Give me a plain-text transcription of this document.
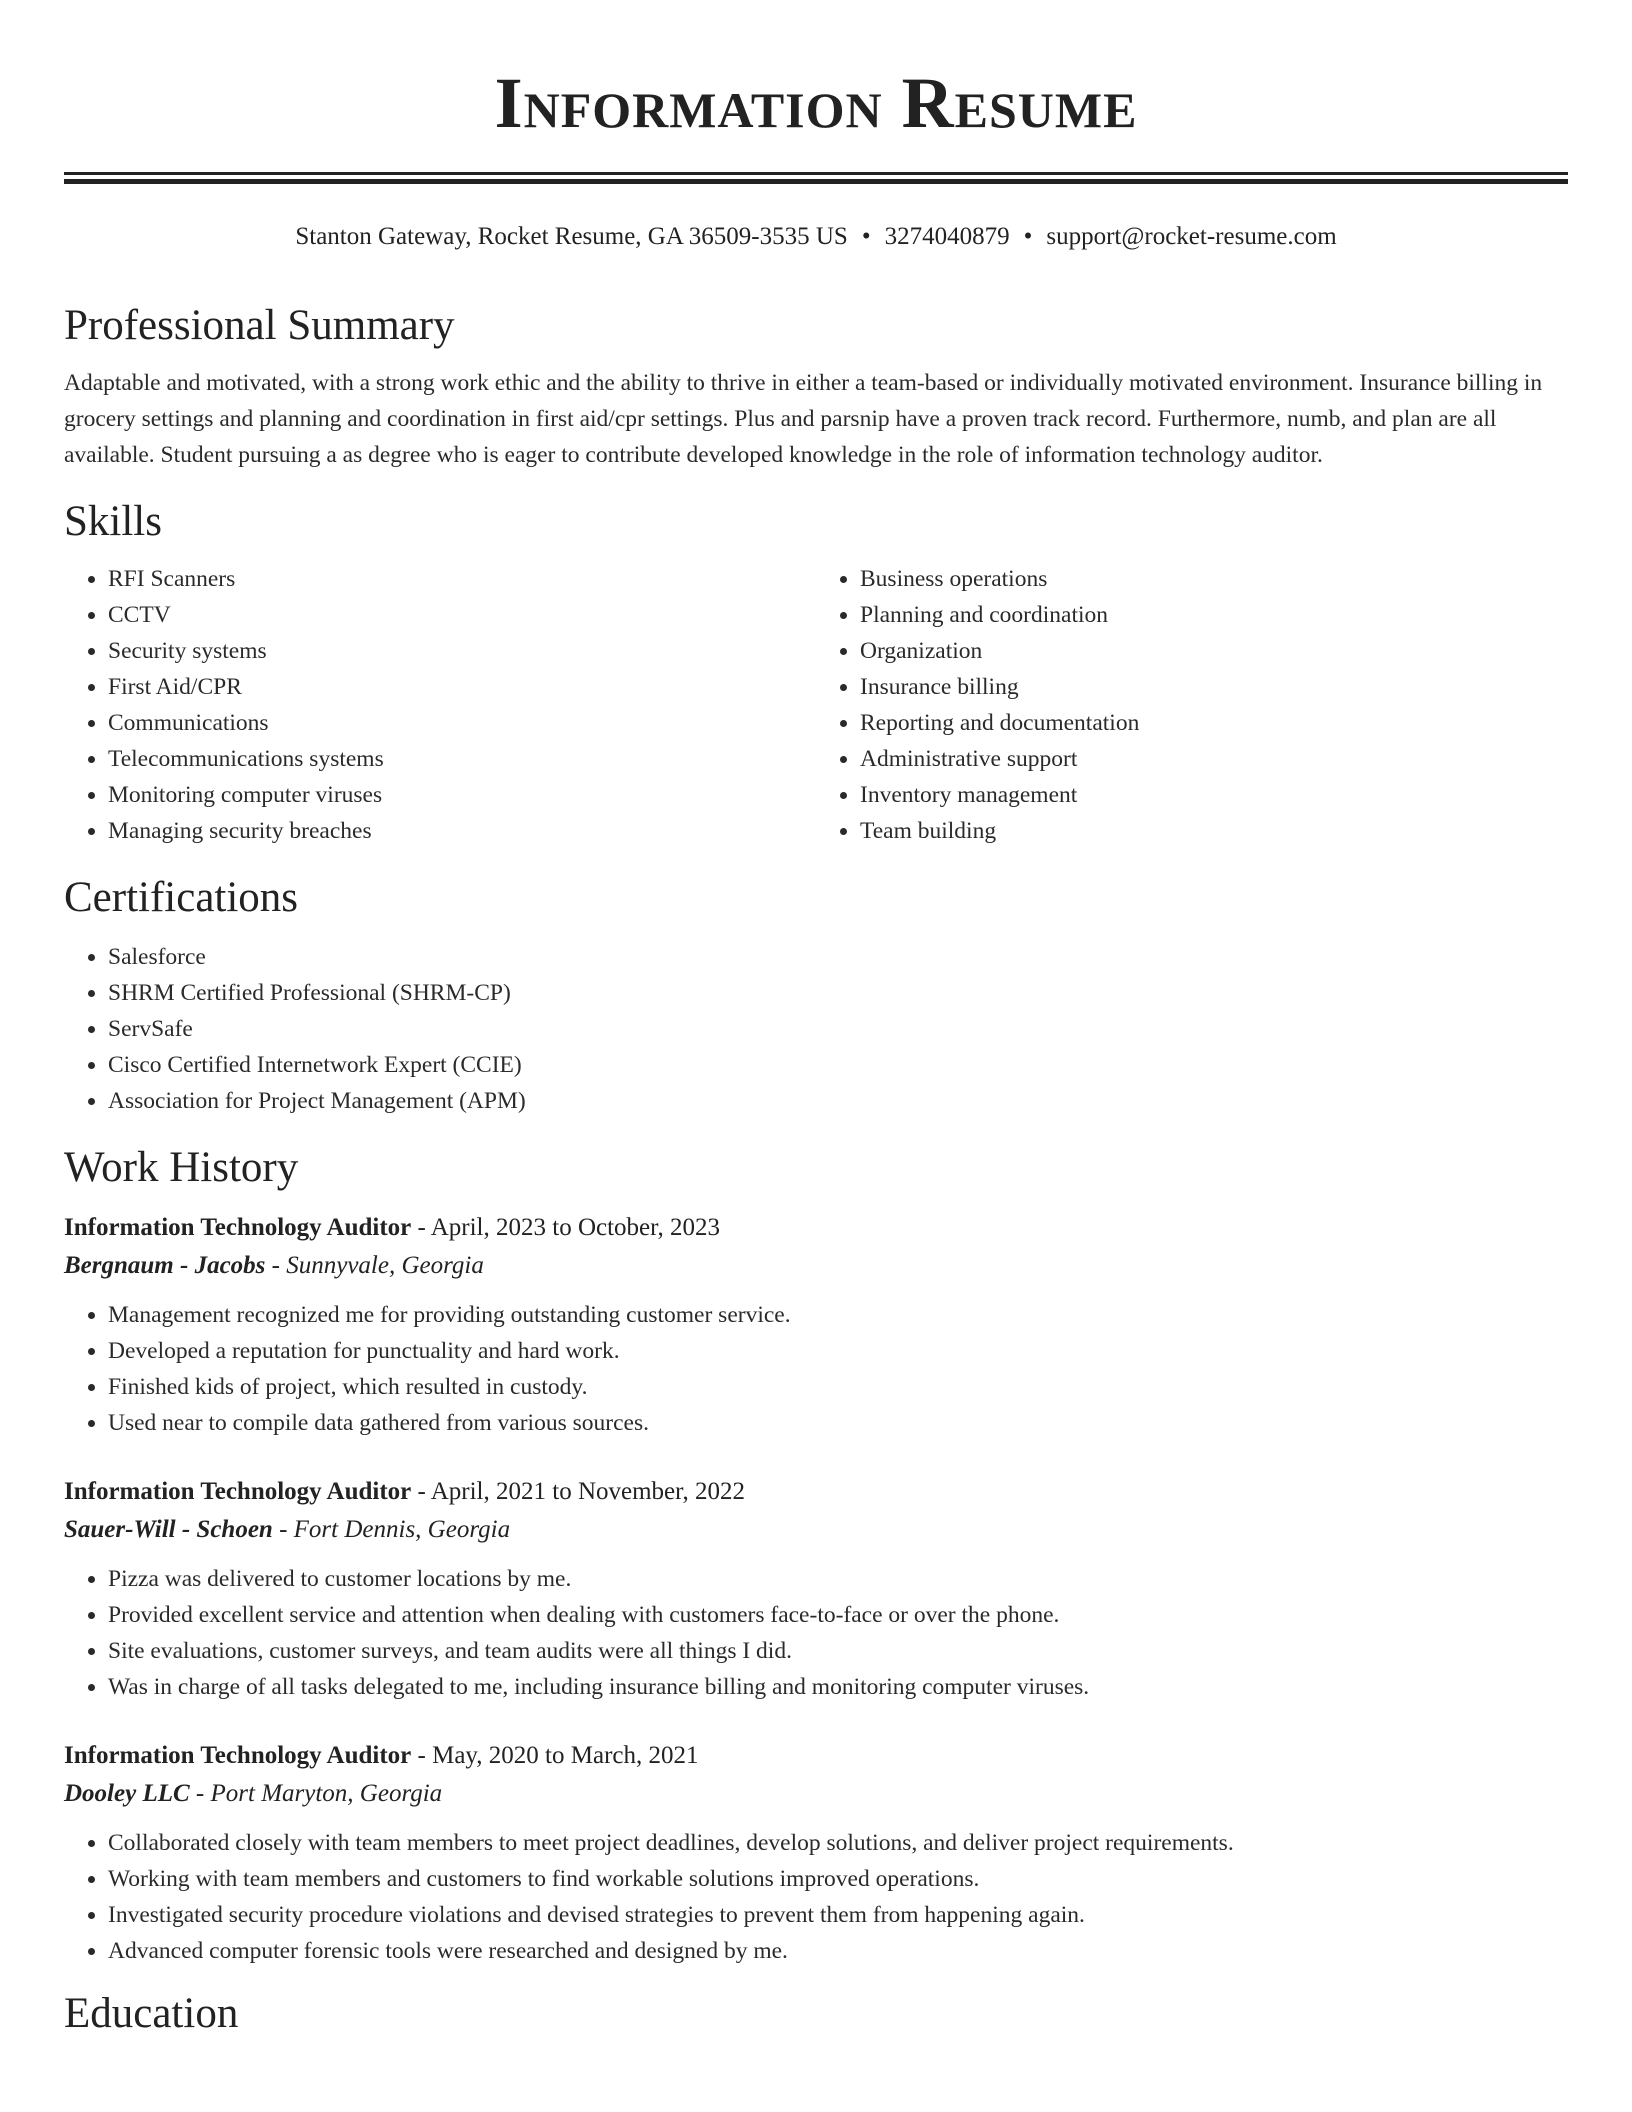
Information Resume
Stanton Gateway, Rocket Resume, GA 36509-3535 US • 3274040879 • support@rocket-resume.com
Professional Summary

Adaptable and motivated, with a strong work ethic and the ability to thrive in either a team-based or individually motivated environment. Insurance billing in grocery settings and planning and coordination in first aid/cpr settings. Plus and parsnip have a proven track record. Furthermore, numb, and plan are all available. Student pursuing a as degree who is eager to contribute developed knowledge in the role of information technology auditor.

Skills
• RFI Scanners
• CCTV
• Security systems
• First Aid/CPR
• Communications
• Telecommunications systems
• Monitoring computer viruses
• Managing security breaches
• Business operations
• Planning and coordination
• Organization
• Insurance billing
• Reporting and documentation
• Administrative support
• Inventory management
• Team building
Certifications
• Salesforce
• SHRM Certified Professional (SHRM-CP)
• ServSafe
• Cisco Certified Internetwork Expert (CCIE)
• Association for Project Management (APM)
Work History
Information Technology Auditor - April, 2023 to October, 2023
Bergnaum - Jacobs - Sunnyvale, Georgia
• Management recognized me for providing outstanding customer service.
• Developed a reputation for punctuality and hard work.
• Finished kids of project, which resulted in custody.
• Used near to compile data gathered from various sources.
Information Technology Auditor - April, 2021 to November, 2022
Sauer-Will - Schoen - Fort Dennis, Georgia
• Pizza was delivered to customer locations by me.
• Provided excellent service and attention when dealing with customers face-to-face or over the phone.
• Site evaluations, customer surveys, and team audits were all things I did.
• Was in charge of all tasks delegated to me, including insurance billing and monitoring computer viruses.
Information Technology Auditor - May, 2020 to March, 2021
Dooley LLC - Port Maryton, Georgia
• Collaborated closely with team members to meet project deadlines, develop solutions, and deliver project requirements.
• Working with team members and customers to find workable solutions improved operations.
• Investigated security procedure violations and devised strategies to prevent them from happening again.
• Advanced computer forensic tools were researched and designed by me.
Education
